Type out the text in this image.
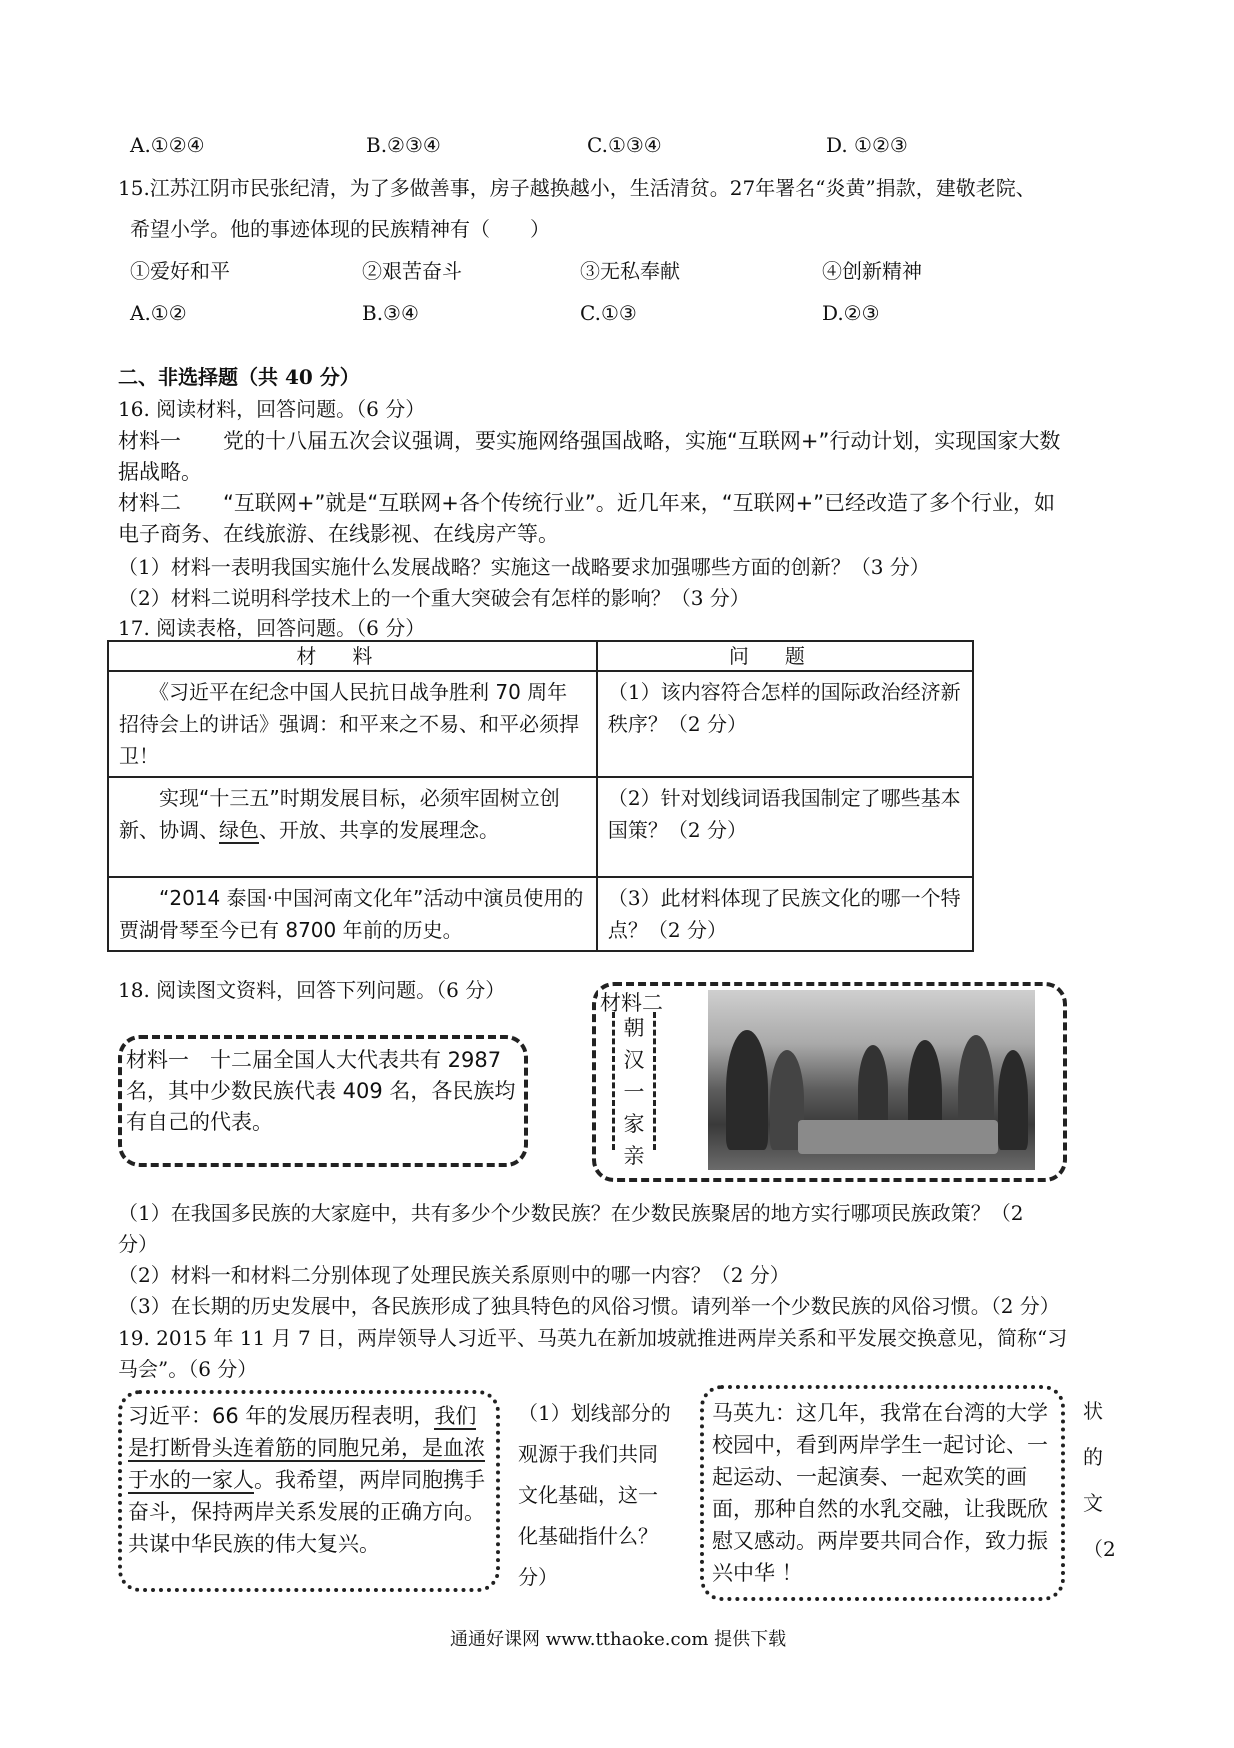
A.①②④	B.②③④	C.①③④	D. ①②③
15.江苏江阴市民张纪清，为了多做善事，房子越换越小，生活清贫。27年署名“炎黄”捐款，建敬老院、
希望小学。他的事迹体现的民族精神有（　　）
①爱好和平	②艰苦奋斗	③无私奉献	④创新精神
A.①②	B.③④	C.①③	D.②③
二、非选择题（共 40 分）
16. 阅读材料，回答问题。（6 分）
材料一　　党的十八届五次会议强调，要实施网络强国战略，实施“互联网+”行动计划，实现国家大数
据战略。
材料二　　“互联网+”就是“互联网+各个传统行业”。近几年来，“互联网+”已经改造了多个行业，如
电子商务、在线旅游、在线影视、在线房产等。
（1）材料一表明我国实施什么发展战略？实施这一战略要求加强哪些方面的创新？（3 分）
（2）材料二说明科学技术上的一个重大突破会有怎样的影响？（3 分）
17. 阅读表格，回答问题。（6 分）
材料	问题
　　《习近平在纪念中国人民抗日战争胜利 70 周年招待会上的讲话》强调：和平来之不易、和平必须捍卫！	（1）该内容符合怎样的国际政治经济新秩序？（2 分）
　　实现“十三五”时期发展目标，必须牢固树立创新、协调、绿色、开放、共享的发展理念。	（2）针对划线词语我国制定了哪些基本国策？（2 分）
　　“2014 泰国·中国河南文化年”活动中演员使用的贾湖骨琴至今已有 8700 年前的历史。	（3）此材料体现了民族文化的哪一个特点？（2 分）
18. 阅读图文资料，回答下列问题。（6 分）
材料一　十二届全国人大代表共有 2987 名，其中少数民族代表 409 名，各民族均有自己的代表。
材料二
朝
汉
一
家
亲
（1）在我国多民族的大家庭中，共有多少个少数民族？在少数民族聚居的地方实行哪项民族政策？（2
分）
（2）材料一和材料二分别体现了处理民族关系原则中的哪一内容？（2 分）
（3）在长期的历史发展中，各民族形成了独具特色的风俗习惯。请列举一个少数民族的风俗习惯。（2 分）
19. 2015 年 11 月 7 日，两岸领导人习近平、马英九在新加坡就推进两岸关系和平发展交换意见，简称“习
马会”。（6 分）
习近平：66 年的发展历程表明，我们是打断骨头连着筋的同胞兄弟，是血浓于水的一家人。我希望，两岸同胞携手奋斗，保持两岸关系发展的正确方向。共谋中华民族的伟大复兴。
（1）划线部分的
观源于我们共同
文化基础，这一
化基础指什么？
分）
马英九：这几年，我常在台湾的大学校园中，看到两岸学生一起讨论、一起运动、一起演奏、一起欢笑的画面，那种自然的水乳交融，让我既欣慰又感动。两岸要共同合作，致力振兴中华 ！
状
的
文
（2
通通好课网 www.tthaoke.com 提供下载
